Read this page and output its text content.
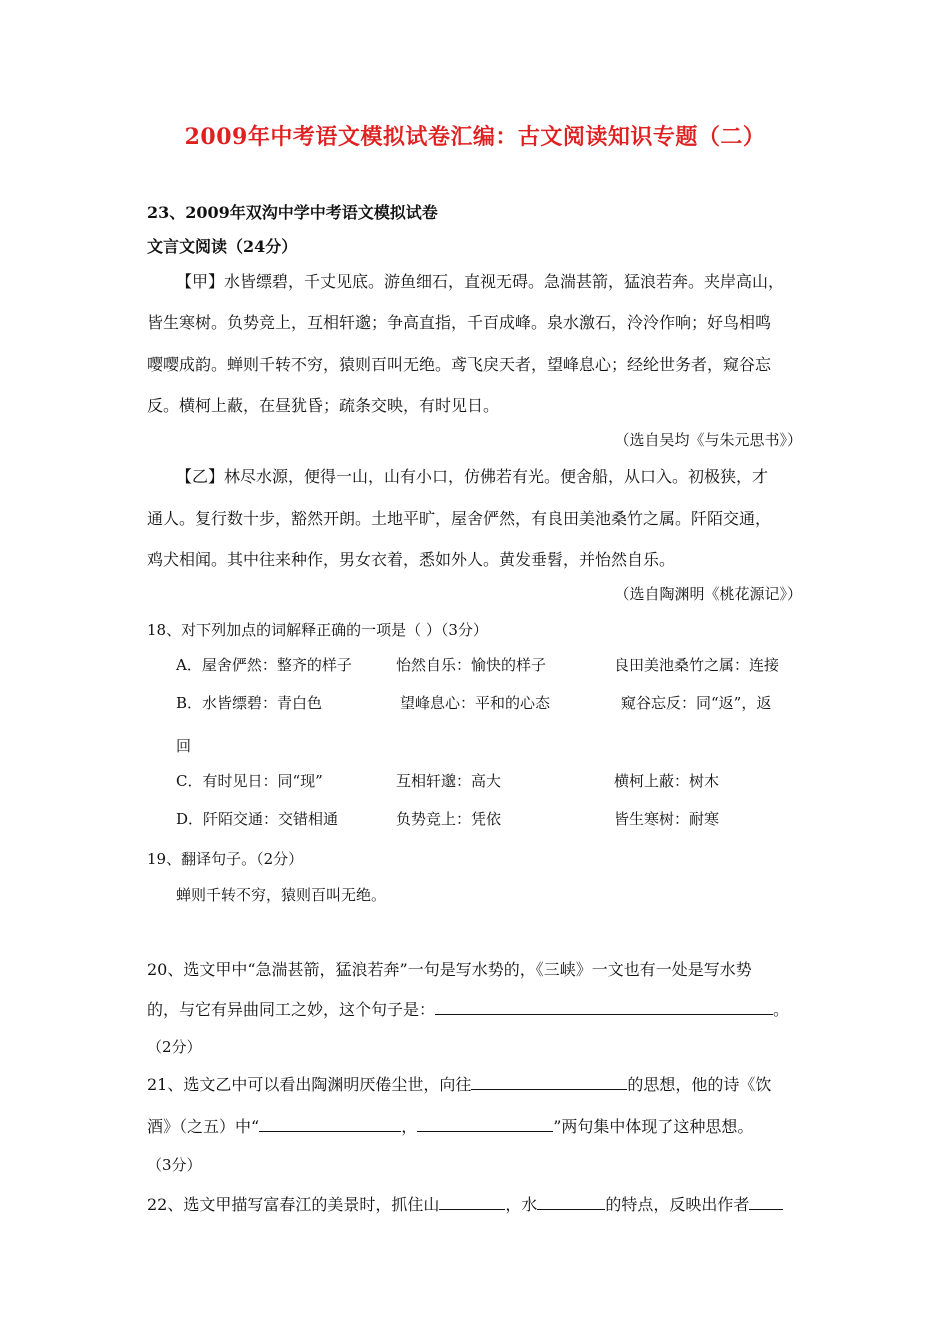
2009年中考语文模拟试卷汇编：古文阅读知识专题（二）
23、2009年双沟中学中考语文模拟试卷
文言文阅读（24分）
【甲】水皆缥碧，千丈见底。游鱼细石，直视无碍。急湍甚箭，猛浪若奔。夹岸高山，
皆生寒树。负势竞上，互相轩邈；争高直指，千百成峰。泉水激石，泠泠作响；好鸟相鸣
嘤嘤成韵。蝉则千转不穷，猿则百叫无绝。鸢飞戾天者，望峰息心；经纶世务者，窥谷忘
反。横柯上蔽，在昼犹昏；疏条交映，有时见日。
（选自吴均《与朱元思书》）
【乙】林尽水源，便得一山，山有小口，仿佛若有光。便舍船，从口入。初极狭，才
通人。复行数十步，豁然开朗。土地平旷，屋舍俨然，有良田美池桑竹之属。阡陌交通，
鸡犬相闻。其中往来种作，男女衣着，悉如外人。黄发垂髫，并怡然自乐。
（选自陶渊明《桃花源记》）
18、对下列加点的词解释正确的一项是（ ）（3分）
A．屋舍俨然：整齐的样子	怡然自乐：愉快的样子	良田美池桑竹之属：连接
B．水皆缥碧：青白色	望峰息心：平和的心态	窥谷忘反：同“返”，返
回
C．有时见日：同“现”	互相轩邈：高大	横柯上蔽：树木
D．阡陌交通：交错相通	负势竞上：凭依	皆生寒树：耐寒
19、翻译句子。（2分）
蝉则千转不穷，猿则百叫无绝。
20、选文甲中“急湍甚箭，猛浪若奔”一句是写水势的，《三峡》一文也有一处是写水势
的，与它有异曲同工之妙，这个句子是：	。
（2分）
21、选文乙中可以看出陶渊明厌倦尘世，向往	的思想，他的诗《饮
酒》（之五）中“	，	”两句集中体现了这种思想。
（3分）
22、选文甲描写富春江的美景时，抓住山	，水	的特点，反映出作者
